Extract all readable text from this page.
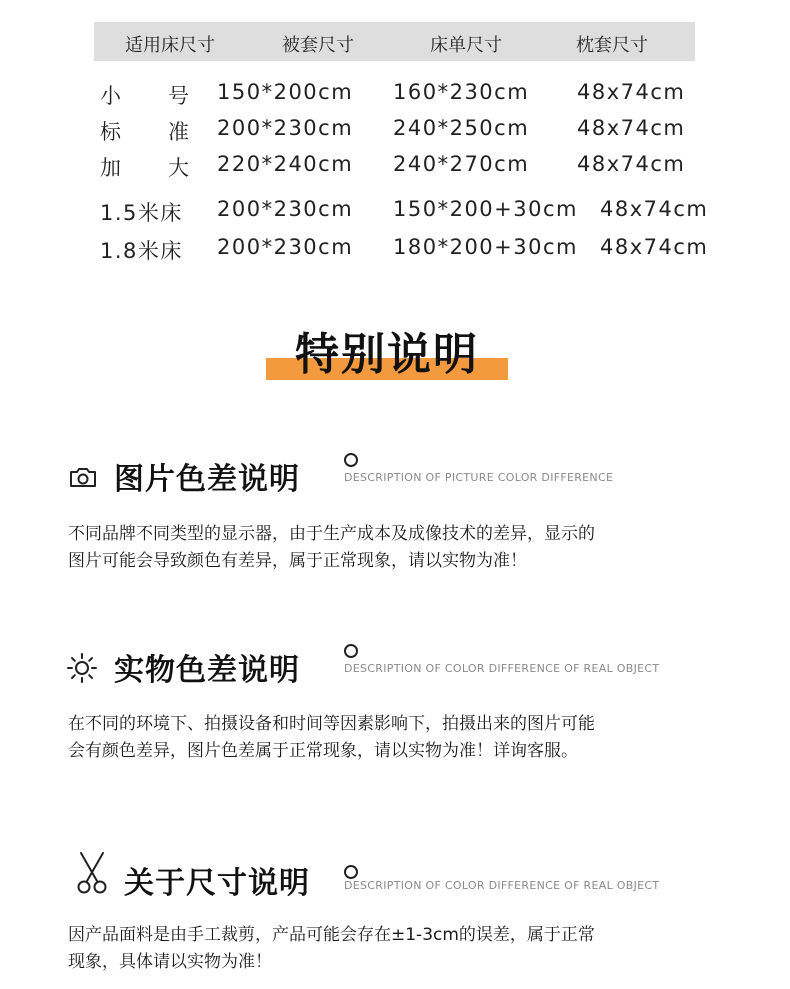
适用床尺寸	被套尺寸	床单尺寸	枕套尺寸
小 号 150*200cm 160*230cm 48x74cm
标 准 200*230cm 240*250cm 48x74cm
加 大 220*240cm 240*270cm 48x74cm
1.5米床 200*230cm 150*200+30cm 48x74cm
1.8米床 200*230cm 180*200+30cm 48x74cm
特别说明
图片色差说明	DESCRIPTION OF PICTURE COLOR DIFFERENCE
不同品牌不同类型的显示器，由于生产成本及成像技术的差异，显示的
图片可能会导致颜色有差异，属于正常现象，请以实物为准！
实物色差说明	DESCRIPTION OF COLOR DIFFERENCE OF REAL OBJECT
在不同的环境下、拍摄设备和时间等因素影响下，拍摄出来的图片可能
会有颜色差异，图片色差属于正常现象，请以实物为准！详询客服。
关于尺寸说明	DESCRIPTION OF COLOR DIFFERENCE OF REAL OBJECT
因产品面料是由手工裁剪，产品可能会存在±1-3cm的误差，属于正常
现象，具体请以实物为准！
